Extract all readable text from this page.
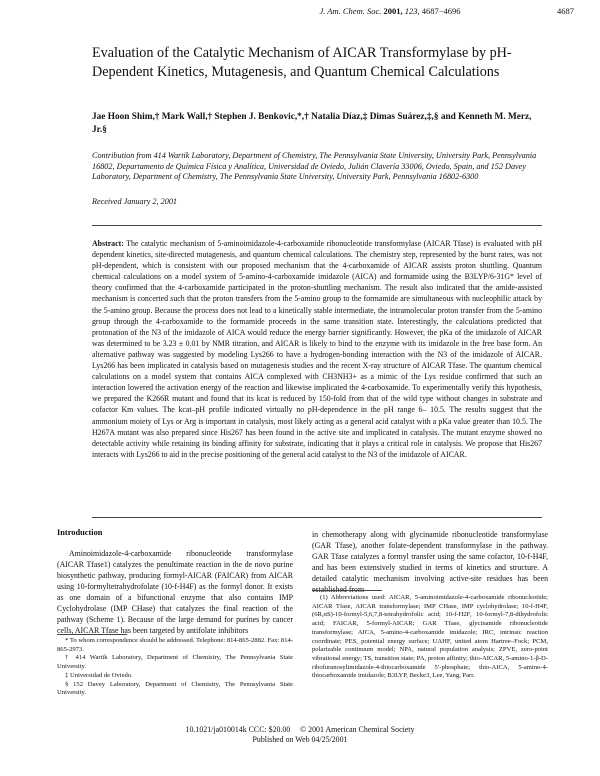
J. Am. Chem. Soc. 2001, 123, 4687−4696	4687
Evaluation of the Catalytic Mechanism of AICAR Transformylase by pH-Dependent Kinetics, Mutagenesis, and Quantum Chemical Calculations
Jae Hoon Shim,† Mark Wall,† Stephen J. Benkovic,*,† Natalia Díaz,‡ Dimas Suárez,‡,§ and Kenneth M. Merz, Jr.§
Contribution from 414 Wartik Laboratory, Department of Chemistry, The Pennsylvania State University, University Park, Pennsylvania 16802, Departamento de Química Física y Analítica, Universidad de Oviedo, Julián Clavería 33006, Oviedo, Spain, and 152 Davey Laboratory, Department of Chemistry, The Pennsylvania State University, University Park, Pennsylvania 16802-6300
Received January 2, 2001
Abstract: The catalytic mechanism of 5-aminoimidazole-4-carboxamide ribonucleotide transformylase (AICAR Tfase) is evaluated with pH dependent kinetics, site-directed mutagenesis, and quantum chemical calculations. The chemistry step, represented by the burst rates, was not pH-dependent, which is consistent with our proposed mechanism that the 4-carboxamide of AICAR assists proton shuttling. Quantum chemical calculations on a model system of 5-amino-4-carboxamide imidazole (AICA) and formamide using the B3LYP/6-31G* level of theory confirmed that the 4-carboxamide participated in the proton-shuttling mechanism. The result also indicated that the amide-assisted mechanism is concerted such that the proton transfers from the 5-amino group to the formamide are simultaneous with nucleophilic attack by the 5-amino group. Because the process does not lead to a kinetically stable intermediate, the intramolecular proton transfer from the 5-amino group through the 4-carboxamide to the formamide proceeds in the same transition state. Interestingly, the calculations predicted that protonation of the N3 of the imidazole of AICA would reduce the energy barrier significantly. However, the pKa of the imidazole of AICAR was determined to be 3.23 ± 0.01 by NMR titration, and AICAR is likely to bind to the enzyme with its imidazole in the free base form. An alternative pathway was suggested by modeling Lys266 to have a hydrogen-bonding interaction with the N3 of the imidazole of AICAR. Lys266 has been implicated in catalysis based on mutagenesis studies and the recent X-ray structure of AICAR Tfase. The quantum chemical calculations on a model system that contains AICA complexed with CH3NH3+ as a mimic of the Lys residue confirmed that such an interaction lowered the activation energy of the reaction and likewise implicated the 4-carboxamide. To experimentally verify this hypothesis, we prepared the K266R mutant and found that its kcat is reduced by 150-fold from that of the wild type without changes in substrate and cofactor Km values. The kcat–pH profile indicated virtually no pH-dependence in the pH range 6– 10.5. The results suggest that the ammonium moiety of Lys or Arg is important in catalysis, most likely acting as a general acid catalyst with a pKa value greater than 10.5. The H267A mutant was also prepared since His267 has been found in the active site and implicated in catalysis. The mutant enzyme showed no detectable activity while retaining its binding affinity for substrate, indicating that it plays a critical role in catalysis. We propose that His267 interacts with Lys266 to aid in the precise positioning of the general acid catalyst to the N3 of the imidazole of AICAR.
Introduction

Aminoimidazole-4-carboxamide ribonucleotide transformylase (AICAR Tfase1) catalyzes the penultimate reaction in the de novo purine biosynthetic pathway, producing formyl-AICAR (FAICAR) from AICAR using 10-formyltetrahydrofolate (10-f-H4F) as the formyl donor. It exists as one domain of a bifunctional enzyme that also contains IMP Cyclohydrolase (IMP CHase) that catalyzes the final reaction of the pathway (Scheme 1). Because of the large demand for purines by cancer cells, AICAR Tfase has been targeted by antifolate inhibitors

* To whom correspondence should be addressed. Telephone: 814-865-2882. Fax: 814-865-2973.
† 414 Wartik Laboratory, Department of Chemistry, The Pennsylvania State University.
‡ Universidad de Oviedo.
§ 152 Davey Laboratory, Department of Chemistry, The Pennsylvania State University.

in chemotherapy along with glycinamide ribonucleotide transformylase (GAR Tfase), another folate-dependent transformylase in the pathway. GAR Tfase catalyzes a formyl transfer using the same cofactor, 10-f-H4F, and has been extensively studied in terms of kinetics and structure. A detailed catalytic mechanism involving active-site residues has been established from

(1) Abbreviations used: AICAR, 5-aminoimidazole-4-carboxamide ribonucleotide; AICAR Tfase, AICAR transformylase; IMP CHase, IMP cyclohydrolase; 10-f-H4F, (6R,αS)-10-formyl-5,6,7,8-tetrahydrofolic acid; 10-f-H2F, 10-formyl-7,8-dihydrofolic acid; FAICAR, 5-formyl-AICAR; GAR Tfase, glycinamide ribonucleotide transformylase; AICA, 5-amino-4-carboxamide imidazole; IRC, intrinsic reaction coordinate; PES, potential energy surface; UAHF, united atom Hartree–Fock; PCM, polarizable continuum model; NPA, natural population analysis; ZPVE, zero-point vibrational energy; TS, transition state; PA, proton affinity; thio-AICAR, 5-amino-1-β-D-ribofuranosylimidazole-4-thiocarboxamide 5′-phosphate; thio-AICA, 5-amino-4-thiocarboxamide imidazole; B3LYP, Becke3, Lee, Yang, Parr.
10.1021/ja010014k CCC: $20.00     © 2001 American Chemical Society
Published on Web 04/25/2001
